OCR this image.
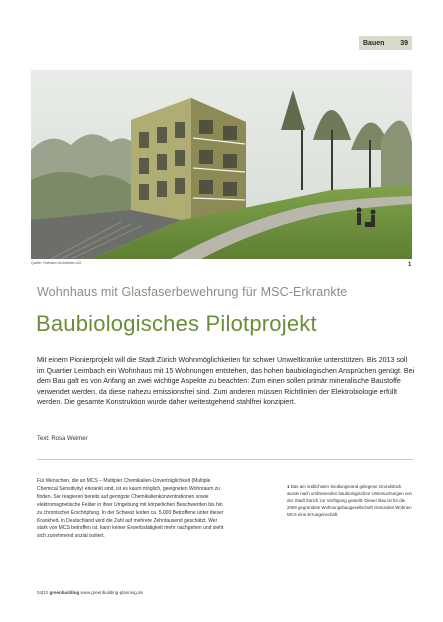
Bauen 39
Quelle: Hofmann Architekten AG	1
Wohnhaus mit Glasfaserbewehrung für MSC-Erkrankte
Baubiologisches Pilotprojekt

Mit einem Pionierprojekt will die Stadt Zürich Wohnmöglichkeiten für schwer Umweltkranke unterstützen. Bis 2013 soll im Quartier Leimbach ein Wohnhaus mit 15 Wohnungen entstehen, das hohen baubiologischen Ansprüchen genügt. Bei dem Bau galt es von Anfang an zwei wichtige Aspekte zu beachten: Zum einen sollen primär mineralische Baustoffe verwendet werden, da diese nahezu emissionsfrei sind. Zum anderen müssen Richtlinien der Elektrobiologie erfüllt werden. Die gesamte Konstruktion wurde daher weitestgehend stahlfrei konzipiert.

Text: Rosa Weimer

Für Menschen, die an MCS – Multipler Chemikalien-Unverträglichkeit (Multiple Chemical Sensitivity) erkrankt sind, ist es kaum möglich, geeigneten Wohnraum zu finden. Sie reagieren bereits auf geringste Chemikalienkonzentrationen sowie elektromagnetische Felder in ihrer Umgebung mit körperlichen Beschwerden bis hin zu chronischer Erschöpfung. In der Schweiz leiden ca. 5.000 Betroffene unter dieser Krankheit, in Deutschland wird die Zahl auf mehrere Zehntausend geschätzt. Wer stark von MCS betroffen ist, kann keiner Erwerbstätigkeit mehr nachgehen und sieht sich zunehmend sozial isoliert.

1 Das am südlichsten Siedlungsrand gelegene Grundstück wurde nach umfassenden baubiologischen Untersuchungen von der Stadt Zürich zur Verfügung gestellt. Dieser Bau ist für die 2008 gegründete Wohnungsbaugesellschaft Gesundes Wohnen MCS eine Errungenschaft.

04|12 greenbuilding www.greenbuilding-planning.de
